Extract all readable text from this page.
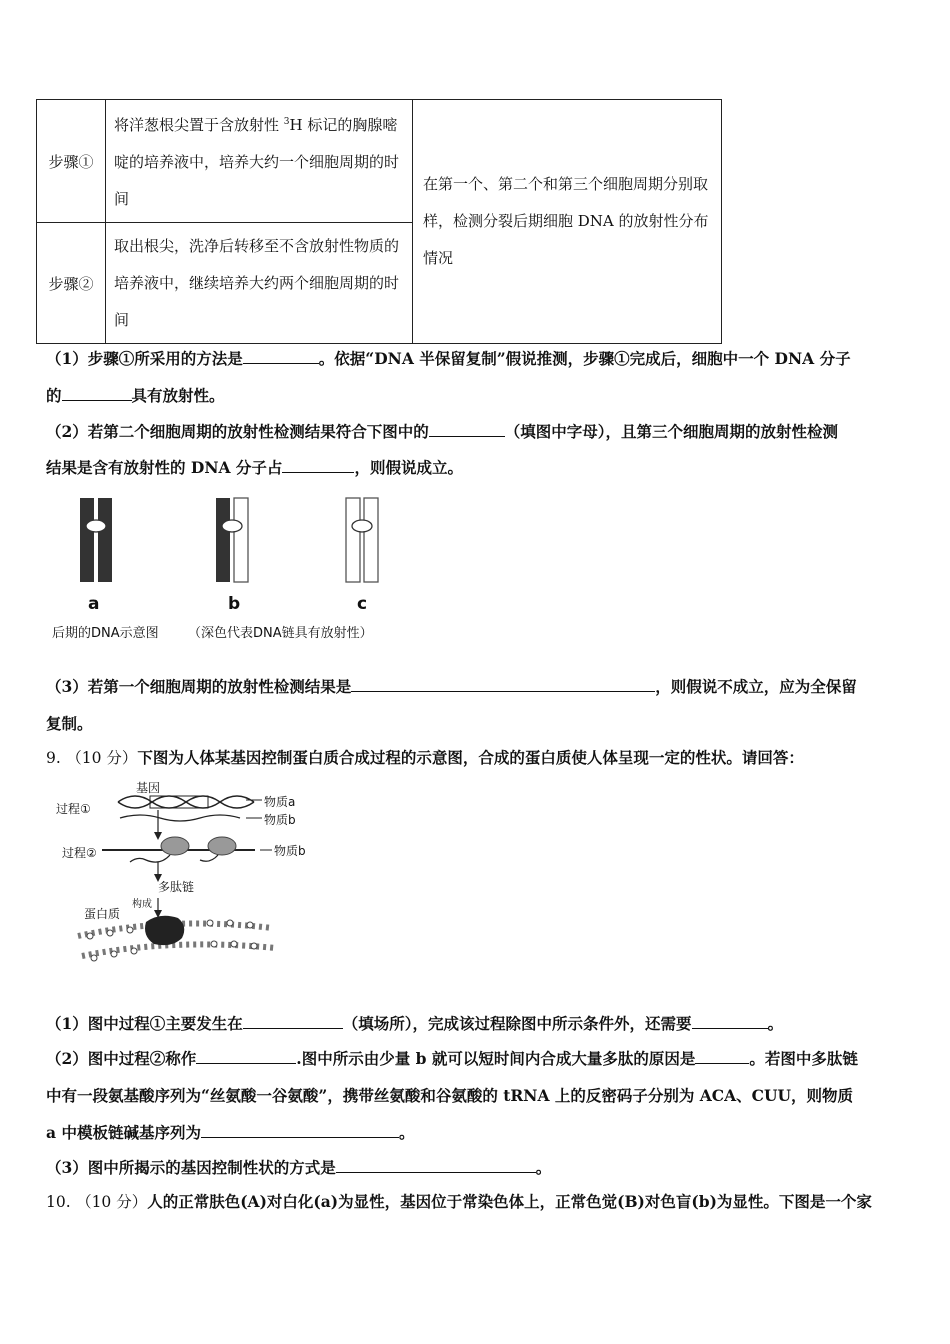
步骤①	将洋葱根尖置于含放射性 $^3$H 标记的胸腺嘧啶的培养液中，培养大约一个细胞周期的时间	在第一个、第二个和第三个细胞周期分别取样，检测分裂后期细胞 DNA 的放射性分布情况
步骤②	取出根尖，洗净后转移至不含放射性物质的培养液中，继续培养大约两个细胞周期的时间	
（1）步骤①所采用的方法是	。依据“DNA 半保留复制”假说推测，步骤①完成后，细胞中一个 DNA 分子
的	具有放射性。
（2）若第二个细胞周期的放射性检测结果符合下图中的	（填图中字母），且第三个细胞周期的放射性检测
结果是含有放射性的 DNA 分子占	，则假说成立。
a	b	c
后期的DNA示意图 （深色代表DNA链具有放射性）
（3）若第一个细胞周期的放射性检测结果是	，则假说不成立，应为全保留
复制。
9. （10 分）下图为人体某基因控制蛋白质合成过程的示意图，合成的蛋白质使人体呈现一定的性状。请回答：
基因
过程①	物质a
物质b
过程②	物质b
多肽链
构成
蛋白质
（1）图中过程①主要发生在	（填场所），完成该过程除图中所示条件外，还需要	。
（2）图中过程②称作	.图中所示由少量 b 就可以短时间内合成大量多肽的原因是	。若图中多肽链
中有一段氨基酸序列为“丝氨酸一谷氨酸”，携带丝氨酸和谷氨酸的 tRNA 上的反密码子分别为 ACA、CUU，则物质
a 中模板链碱基序列为	。
（3）图中所揭示的基因控制性状的方式是	。
10. （10 分）人的正常肤色(A)对白化(a)为显性，基因位于常染色体上，正常色觉(B)对色盲(b)为显性。下图是一个家
